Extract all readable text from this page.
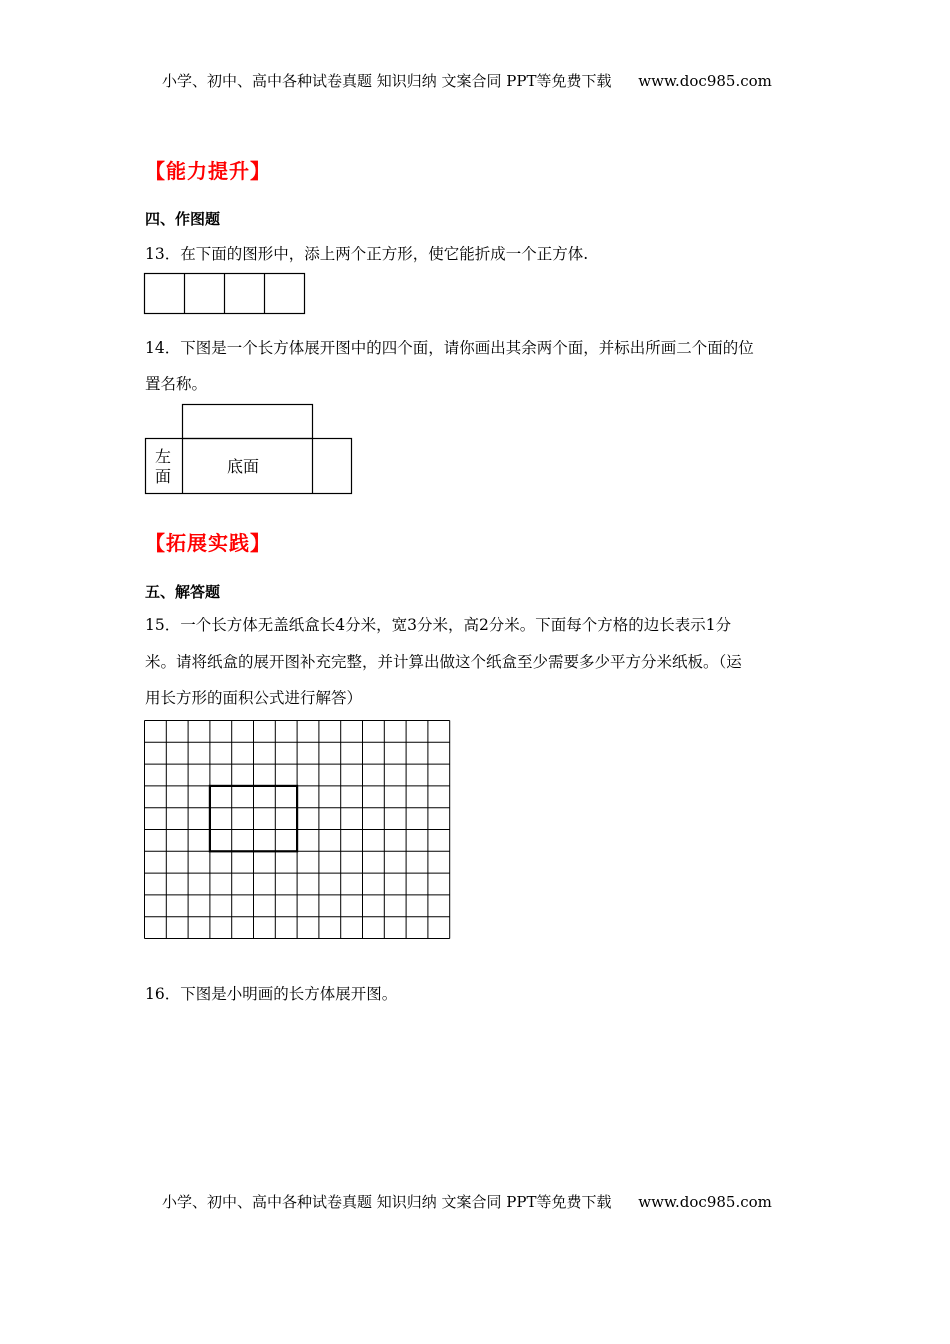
小学、初中、高中各种试卷真题 知识归纳 文案合同 PPT等免费下载 www.doc985.com
【能力提升】
四、作图题
13．在下面的图形中，添上两个正方形，使它能折成一个正方体.
14．下图是一个长方体展开图中的四个面，请你画出其余两个面，并标出所画二个面的位
置名称。
左
面
底面
【拓展实践】
五、解答题
15．一个长方体无盖纸盒长4分米，宽3分米，高2分米。下面每个方格的边长表示1分
米。请将纸盒的展开图补充完整，并计算出做这个纸盒至少需要多少平方分米纸板。（运
用长方形的面积公式进行解答）
16．下图是小明画的长方体展开图。
小学、初中、高中各种试卷真题 知识归纳 文案合同 PPT等免费下载 www.doc985.com
